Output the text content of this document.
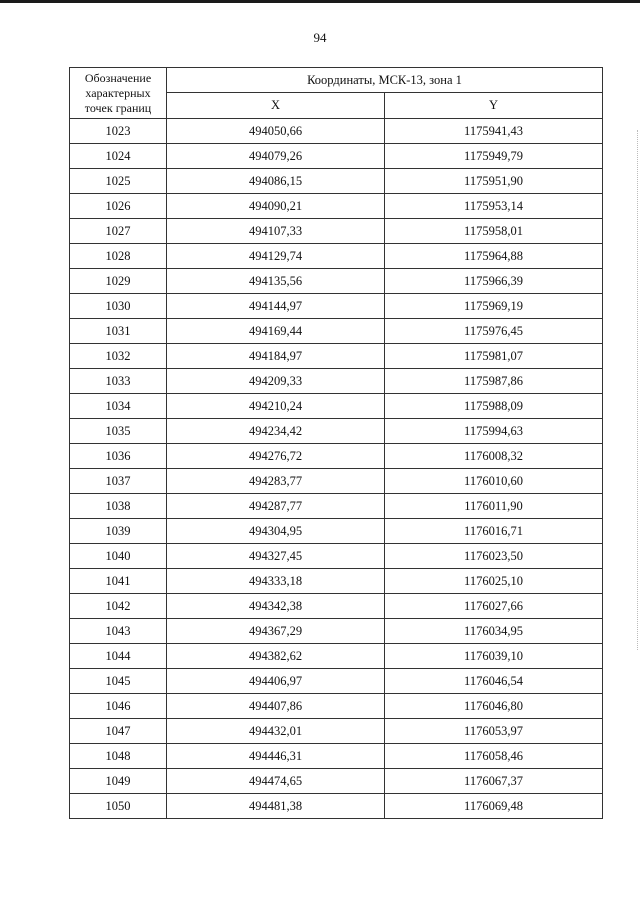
94
Обозначение характерных точек границ	Координаты, МСК-13, зона 1	
	X	Y
1023	494050,66	1175941,43
1024	494079,26	1175949,79
1025	494086,15	1175951,90
1026	494090,21	1175953,14
1027	494107,33	1175958,01
1028	494129,74	1175964,88
1029	494135,56	1175966,39
1030	494144,97	1175969,19
1031	494169,44	1175976,45
1032	494184,97	1175981,07
1033	494209,33	1175987,86
1034	494210,24	1175988,09
1035	494234,42	1175994,63
1036	494276,72	1176008,32
1037	494283,77	1176010,60
1038	494287,77	1176011,90
1039	494304,95	1176016,71
1040	494327,45	1176023,50
1041	494333,18	1176025,10
1042	494342,38	1176027,66
1043	494367,29	1176034,95
1044	494382,62	1176039,10
1045	494406,97	1176046,54
1046	494407,86	1176046,80
1047	494432,01	1176053,97
1048	494446,31	1176058,46
1049	494474,65	1176067,37
1050	494481,38	1176069,48
